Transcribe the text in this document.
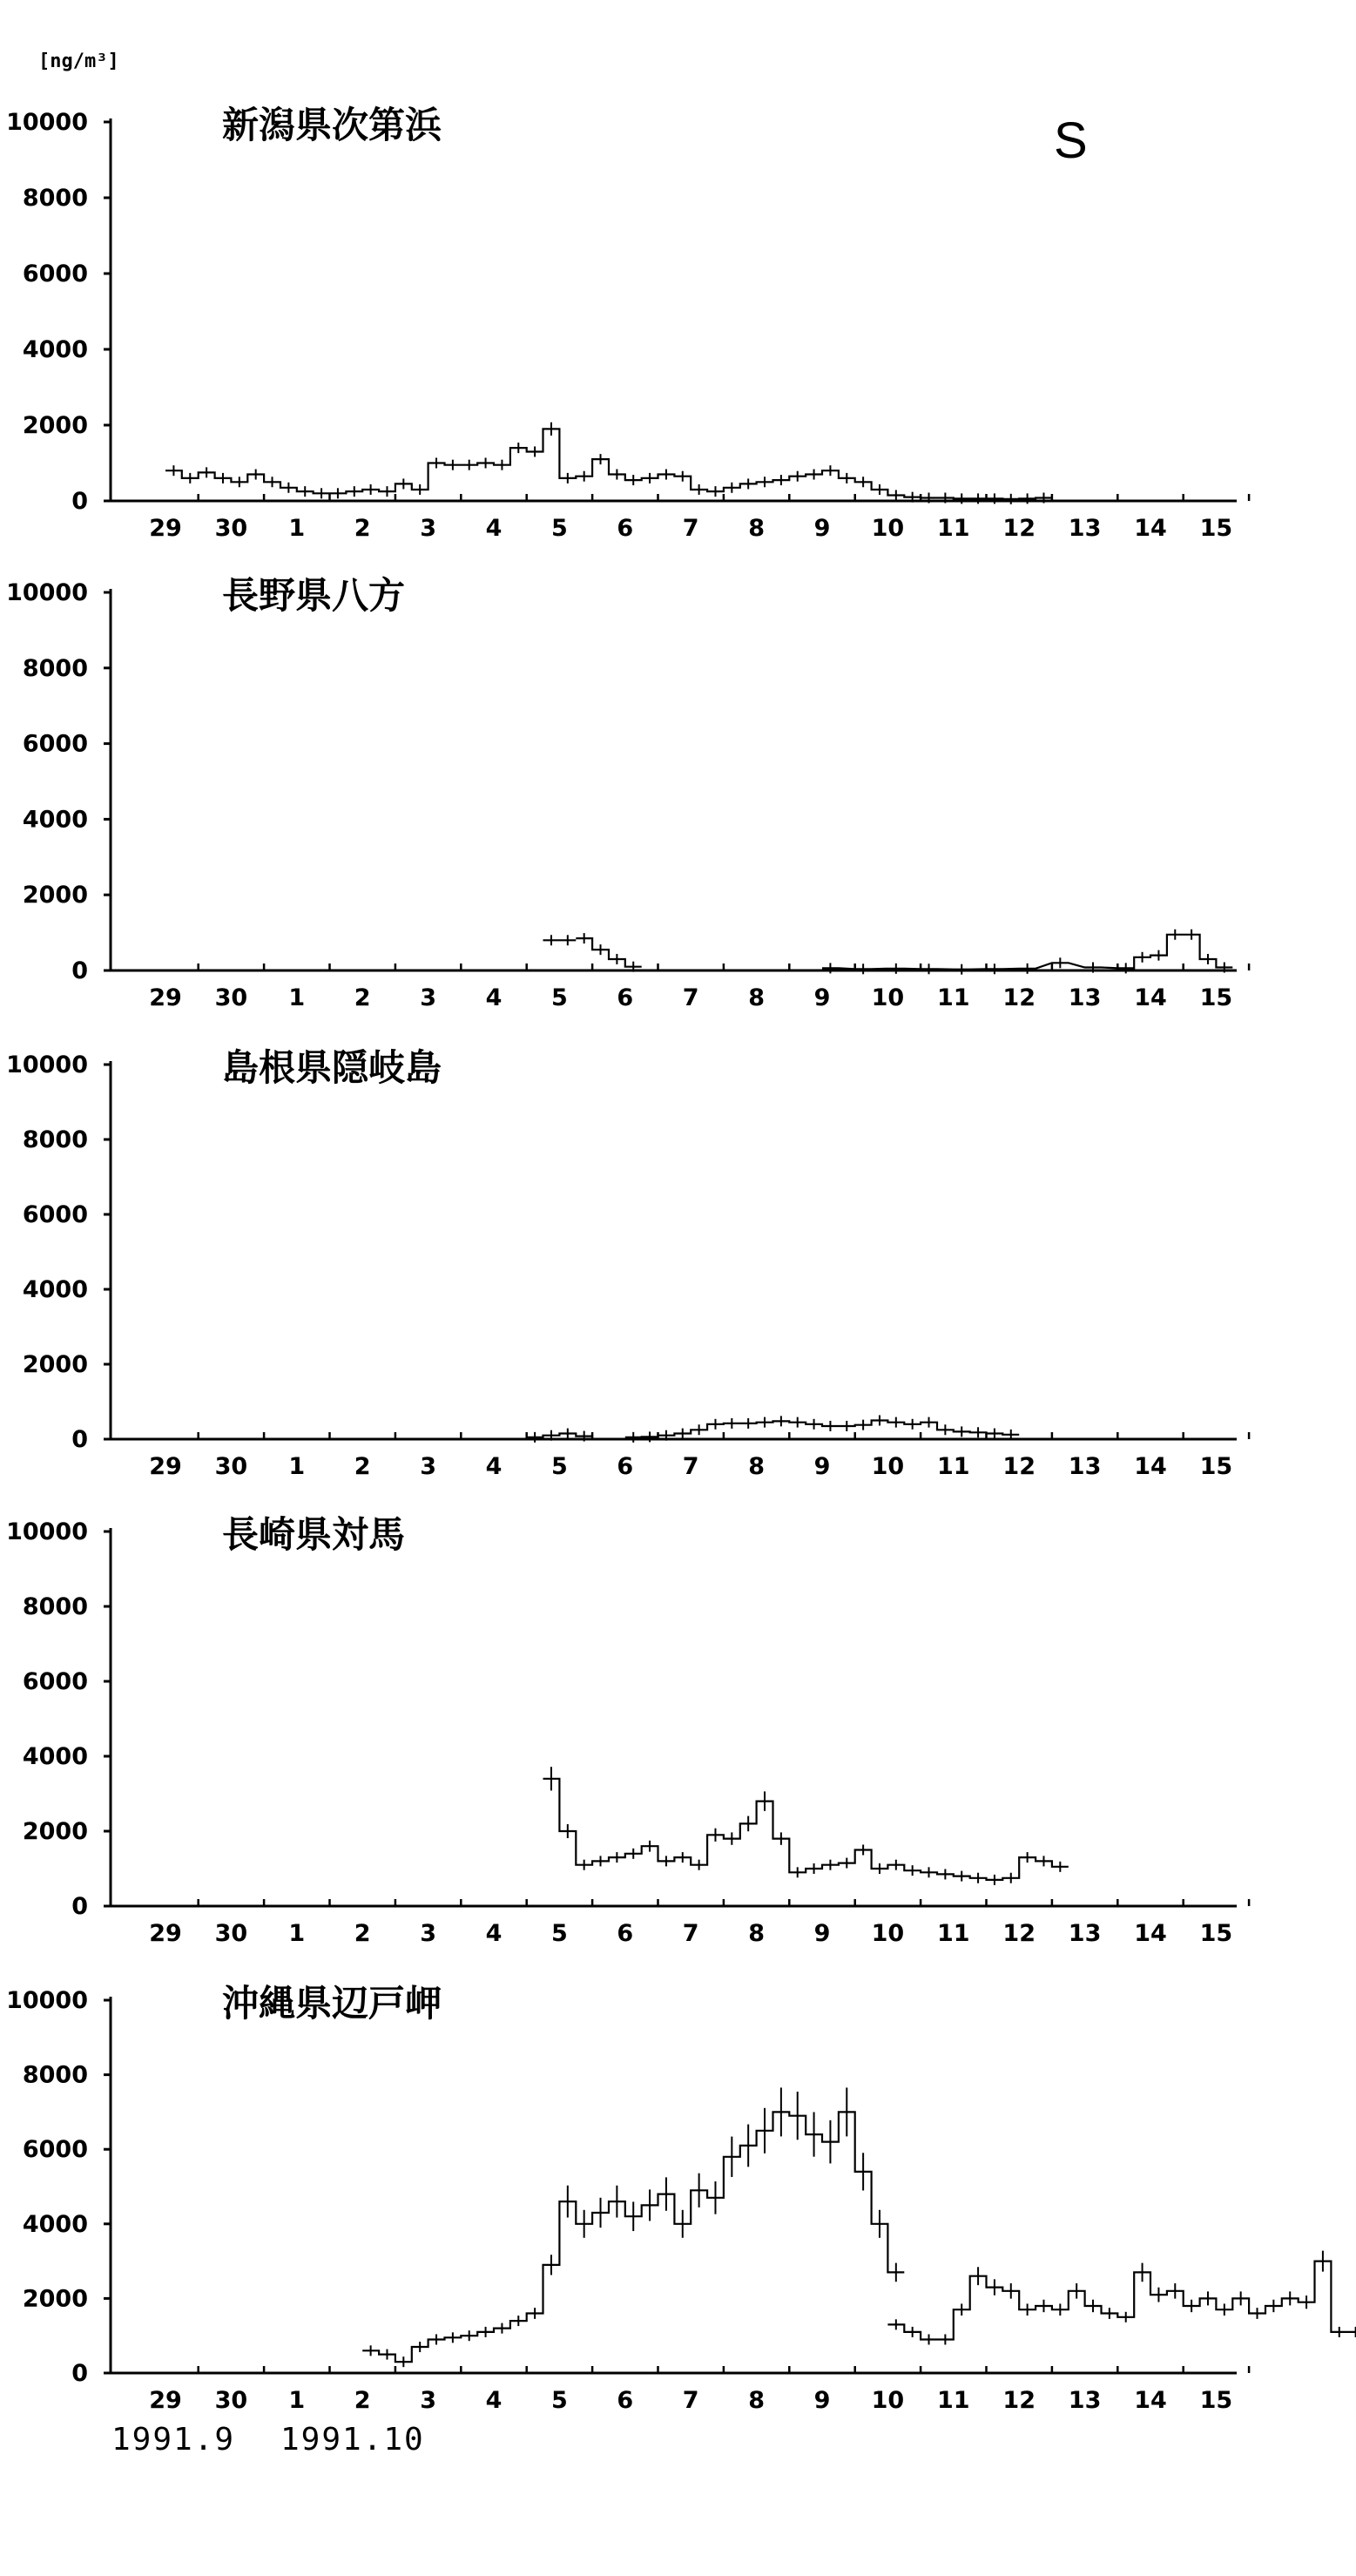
[ng/m³]
S
0
2000
4000
6000
8000
10000
29 30 1 2 3 4 5 6 7 8 9 10 11 12 13 14 15
新潟県次第浜
0
2000
4000
6000
8000
10000
29 30 1 2 3 4 5 6 7 8 9 10 11 12 13 14 15
長野県八方
0
2000
4000
6000
8000
10000
29 30 1 2 3 4 5 6 7 8 9 10 11 12 13 14 15
島根県隠岐島
0
2000
4000
6000
8000
10000
29 30 1 2 3 4 5 6 7 8 9 10 11 12 13 14 15
長崎県対馬
0
2000
4000
6000
8000
10000
29 30 1 2 3 4 5 6 7 8 9 10 11 12 13 14 15
沖縄県辺戸岬
1991.9 1991.10
